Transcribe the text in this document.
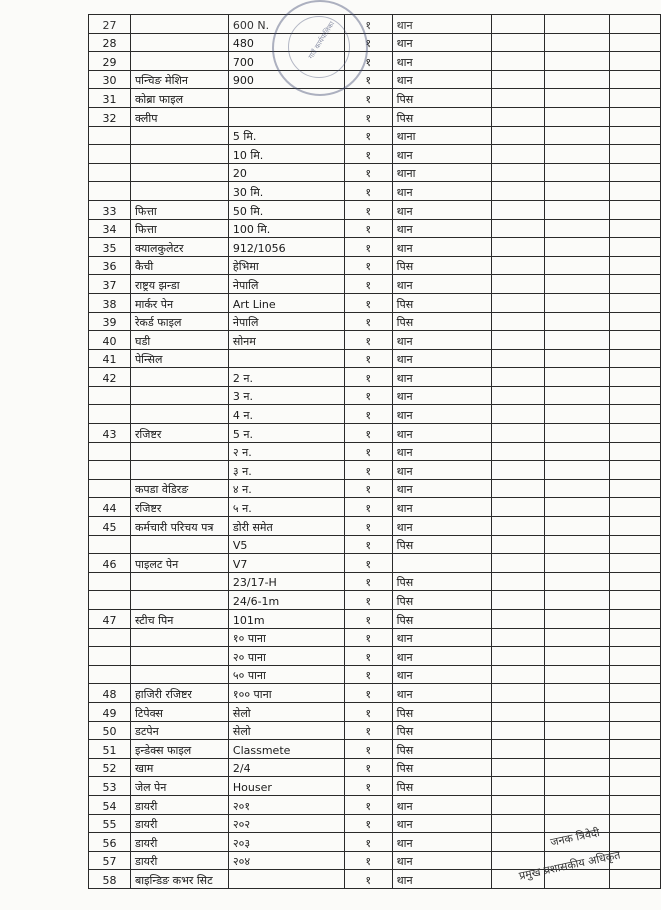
27		600 N.	१	थान			
28		480	१	थान			
29		700	१	थान			
30	पन्चिङ मेशिन	900	१	थान			
31	कोब्रा फाइल		१	पिस			
32	क्लीप		१	पिस			
		5 मि.	१	थाना			
		10 मि.	१	थान			
		20	१	थाना			
		30 मि.	१	थान			
33	फित्ता	50 मि.	१	थान			
34	फित्ता	100 मि.	१	थान			
35	क्यालकुलेटर	912/1056	१	थान			
36	कैची	हेभिमा	१	पिस			
37	राष्ट्रय झन्डा	नेपालि	१	थान			
38	मार्कर पेन	Art Line	१	पिस			
39	रेकर्ड फाइल	नेपालि	१	पिस			
40	घडी	सोनम	१	थान			
41	पेन्सिल		१	थान			
42		2 न.	१	थान			
		3 न.	१	थान			
		4 न.	१	थान			
43	रजिष्टर	5 न.	१	थान			
		२ न.	१	थान			
		३ न.	१	थान			
	कपडा वेडिरङ	४ न.	१	थान			
44	रजिष्टर	५ न.	१	थान			
45	कर्मचारी परिचय पत्र	डोरी समेत	१	थान			
		V5	१	पिस			
46	पाइलट पेन	V7	१				
		23/17-H	१	पिस			
		24/6-1m	१	पिस			
47	स्टीच पिन	101m	१	पिस			
		१० पाना	१	थान			
		२० पाना	१	थान			
		५० पाना	१	थान			
48	हाजिरी रजिष्टर	१०० पाना	१	थान			
49	टिपेक्स	सेलो	१	पिस			
50	डटपेन	सेलो	१	पिस			
51	इन्डेक्स फाइल	Classmete	१	पिस			
52	खाम	2/4	१	पिस			
53	जेल पेन	Houser	१	पिस			
54	डायरी	२०१	१	थान			
55	डायरी	२०२	१	थान			
56	डायरी	२०३	१	थान			
57	डायरी	२०४	१	थान			
58	बाइन्डिङ कभर सिट		१	थान			
गाउँ कार्यपालिका
जनक त्रिवेदी
प्रमुख प्रशासकीय अधिकृत
